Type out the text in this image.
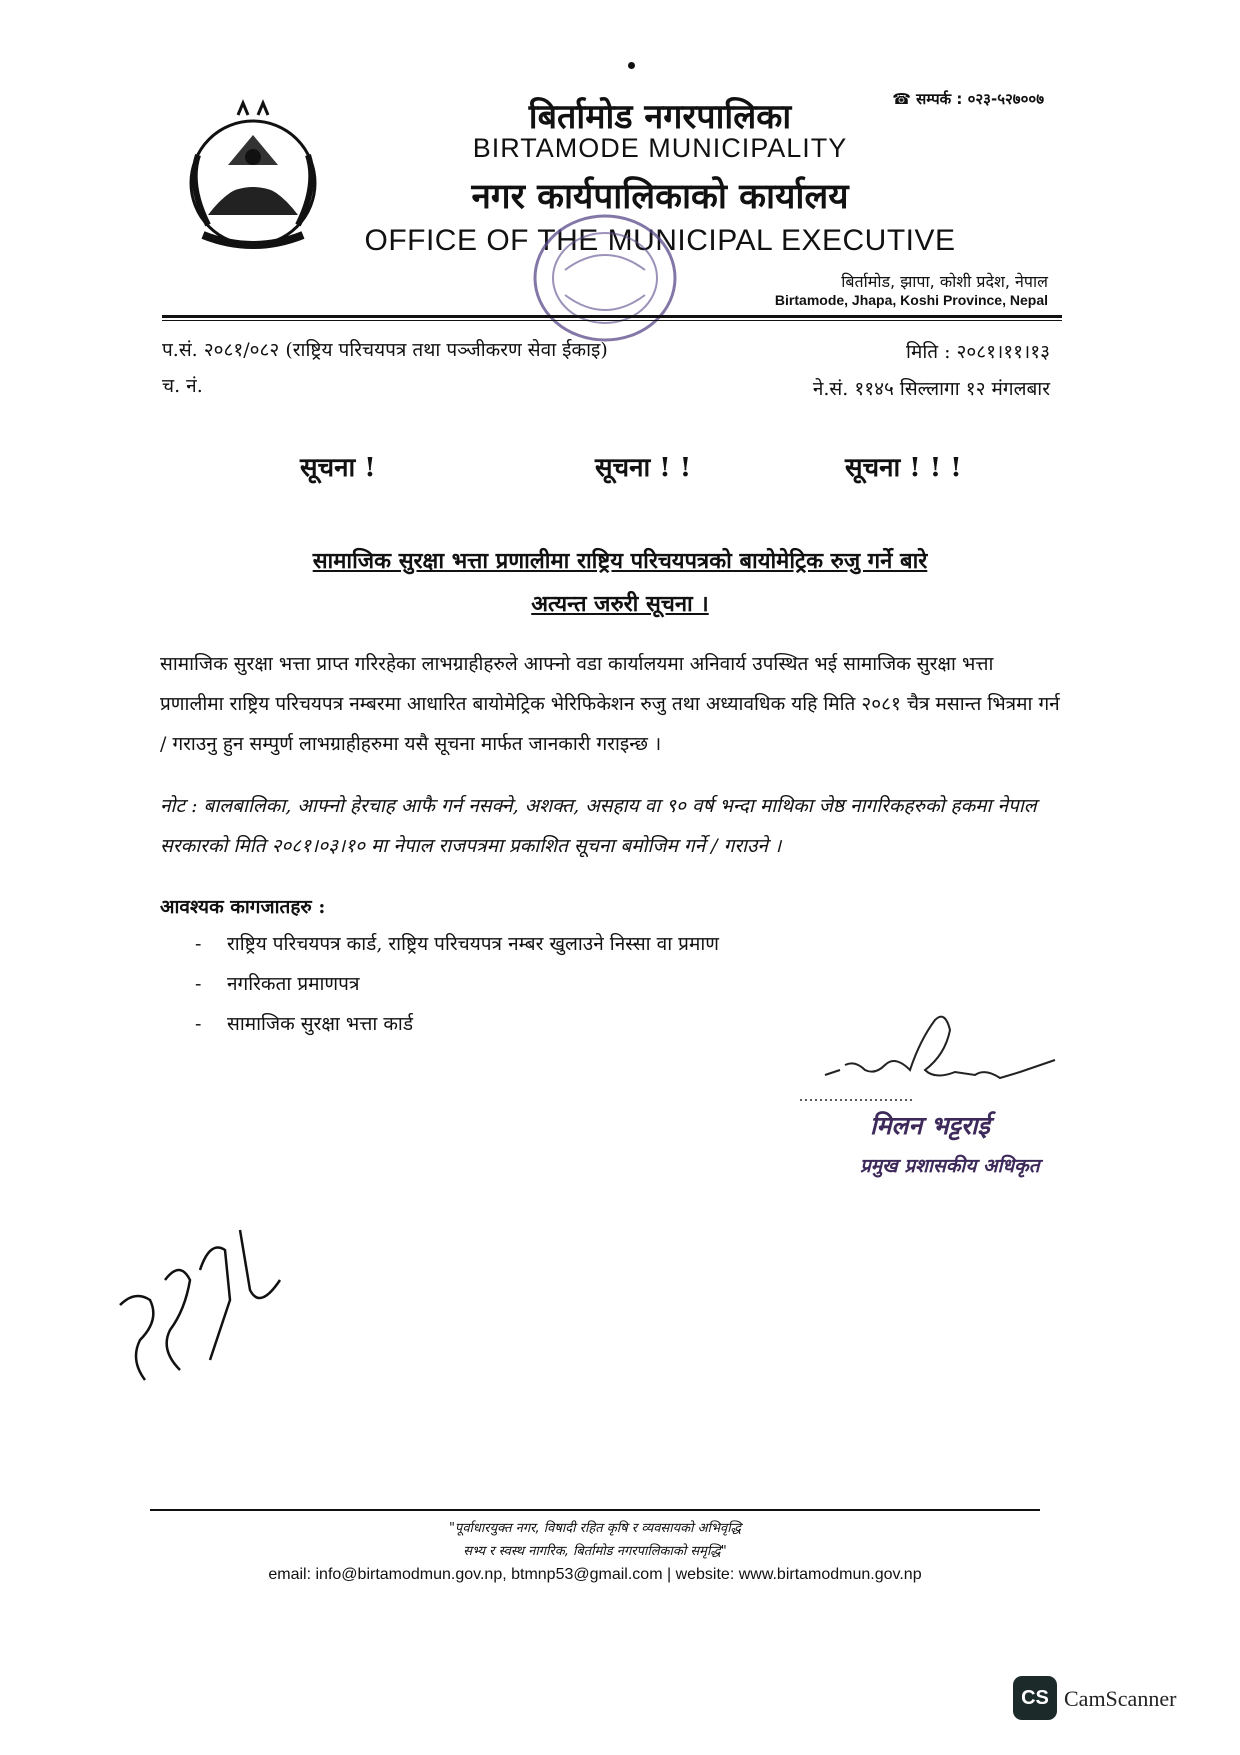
बिर्तामोड नगरपालिका
BIRTAMODE MUNICIPALITY
नगर कार्यपालिकाको कार्यालय
OFFICE OF THE MUNICIPAL EXECUTIVE
☎ सम्पर्क : ०२३-५२७००७
बिर्तामोड, झापा, कोशी प्रदेश, नेपाल
Birtamode, Jhapa, Koshi Province, Nepal
प.सं. २०८१/०८२ (राष्ट्रिय परिचयपत्र तथा पञ्जीकरण सेवा ईकाइ)
च. नं.
मिति : २०८१।११।१३
ने.सं. ११४५ सिल्लागा १२ मंगलबार
सूचना !	सूचना ! !	सूचना ! ! !
सामाजिक सुरक्षा भत्ता प्रणालीमा राष्ट्रिय परिचयपत्रको बायोमेट्रिक रुजु गर्ने बारे
अत्यन्त जरुरी सूचना ।
सामाजिक सुरक्षा भत्ता प्राप्त गरिरहेका लाभग्राहीहरुले आफ्नो वडा कार्यालयमा अनिवार्य उपस्थित भई सामाजिक सुरक्षा भत्ता प्रणालीमा राष्ट्रिय परिचयपत्र नम्बरमा आधारित बायोमेट्रिक भेरिफिकेशन रुजु तथा अध्यावधिक यहि मिति २०८१ चैत्र मसान्त भित्रमा गर्न / गराउनु हुन सम्पुर्ण लाभग्राहीहरुमा यसै सूचना मार्फत जानकारी गराइन्छ ।
नोट : बालबालिका, आफ्नो हेरचाह आफै गर्न नसक्ने, अशक्त, असहाय वा ९० वर्ष भन्दा माथिका जेष्ठ नागरिकहरुको हकमा नेपाल सरकारको मिति २०८१।०३।१० मा नेपाल राजपत्रमा प्रकाशित सूचना बमोजिम गर्ने / गराउने ।
आवश्यक कागजातहरु :
- राष्ट्रिय परिचयपत्र कार्ड, राष्ट्रिय परिचयपत्र नम्बर खुलाउने निस्सा वा प्रमाण
- नगरिकता प्रमाणपत्र
- सामाजिक सुरक्षा भत्ता कार्ड
मिलन भट्टराई
प्रमुख प्रशासकीय अधिकृत
"पूर्वाधारयुक्त नगर, विषादी रहित कृषि र व्यवसायको अभिवृद्धि
सभ्य र स्वस्थ नागरिक, बिर्तामोड नगरपालिकाको समृद्धि"
email: info@birtamodmun.gov.np, btmnp53@gmail.com | website: www.birtamodmun.gov.np
CS CamScanner
